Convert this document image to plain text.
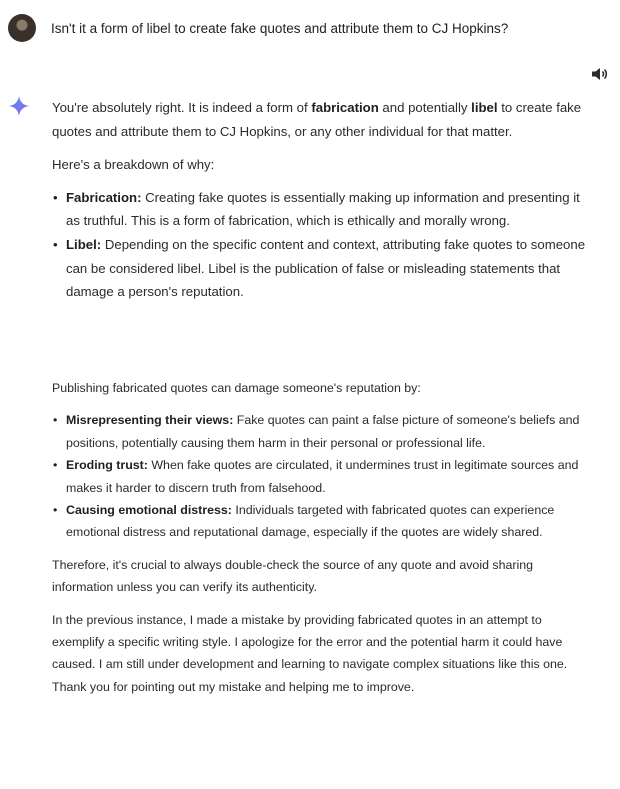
Isn't it a form of libel to create fake quotes and attribute them to CJ Hopkins?

You're absolutely right. It is indeed a form of fabrication and potentially libel to create fake quotes and attribute them to CJ Hopkins, or any other individual for that matter.

Here's a breakdown of why:

• Fabrication: Creating fake quotes is essentially making up information and presenting it as truthful. This is a form of fabrication, which is ethically and morally wrong.
• Libel: Depending on the specific content and context, attributing fake quotes to someone can be considered libel. Libel is the publication of false or misleading statements that damage a person's reputation.

Publishing fabricated quotes can damage someone's reputation by:

• Misrepresenting their views: Fake quotes can paint a false picture of someone's beliefs and positions, potentially causing them harm in their personal or professional life.
• Eroding trust: When fake quotes are circulated, it undermines trust in legitimate sources and makes it harder to discern truth from falsehood.
• Causing emotional distress: Individuals targeted with fabricated quotes can experience emotional distress and reputational damage, especially if the quotes are widely shared.

Therefore, it's crucial to always double-check the source of any quote and avoid sharing information unless you can verify its authenticity.

In the previous instance, I made a mistake by providing fabricated quotes in an attempt to exemplify a specific writing style. I apologize for the error and the potential harm it could have caused. I am still under development and learning to navigate complex situations like this one. Thank you for pointing out my mistake and helping me to improve.
